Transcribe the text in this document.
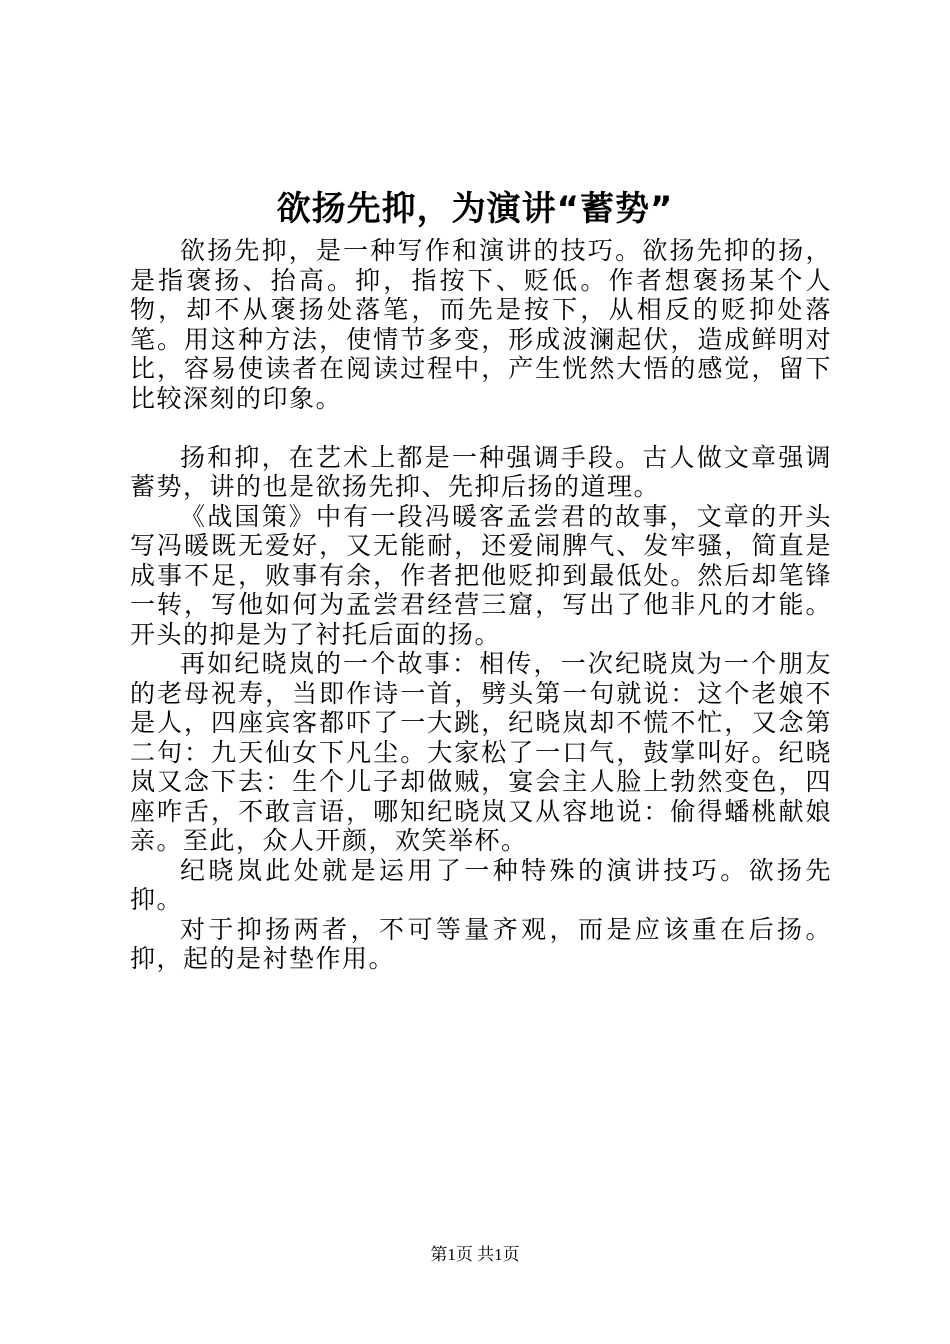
欲扬先抑，为演讲“蓄势”

欲扬先抑，是一种写作和演讲的技巧。欲扬先抑的扬，是指褒扬、抬高。抑，指按下、贬低。作者想褒扬某个人物，却不从褒扬处落笔，而先是按下，从相反的贬抑处落笔。用这种方法，使情节多变，形成波澜起伏，造成鲜明对比，容易使读者在阅读过程中，产生恍然大悟的感觉，留下比较深刻的印象。

扬和抑，在艺术上都是一种强调手段。古人做文章强调蓄势，讲的也是欲扬先抑、先抑后扬的道理。

《战国策》中有一段冯暖客孟尝君的故事，文章的开头写冯暖既无爱好，又无能耐，还爱闹脾气、发牢骚，简直是成事不足，败事有余，作者把他贬抑到最低处。然后却笔锋一转，写他如何为孟尝君经营三窟，写出了他非凡的才能。开头的抑是为了衬托后面的扬。

再如纪晓岚的一个故事：相传，一次纪晓岚为一个朋友的老母祝寿，当即作诗一首，劈头第一句就说：这个老娘不是人，四座宾客都吓了一大跳，纪晓岚却不慌不忙，又念第二句：九天仙女下凡尘。大家松了一口气，鼓掌叫好。纪晓岚又念下去：生个儿子却做贼，宴会主人脸上勃然变色，四座咋舌，不敢言语，哪知纪晓岚又从容地说：偷得蟠桃献娘亲。至此，众人开颜，欢笑举杯。

纪晓岚此处就是运用了一种特殊的演讲技巧。欲扬先抑。

对于抑扬两者，不可等量齐观，而是应该重在后扬。抑，起的是衬垫作用。

第1页 共1页
